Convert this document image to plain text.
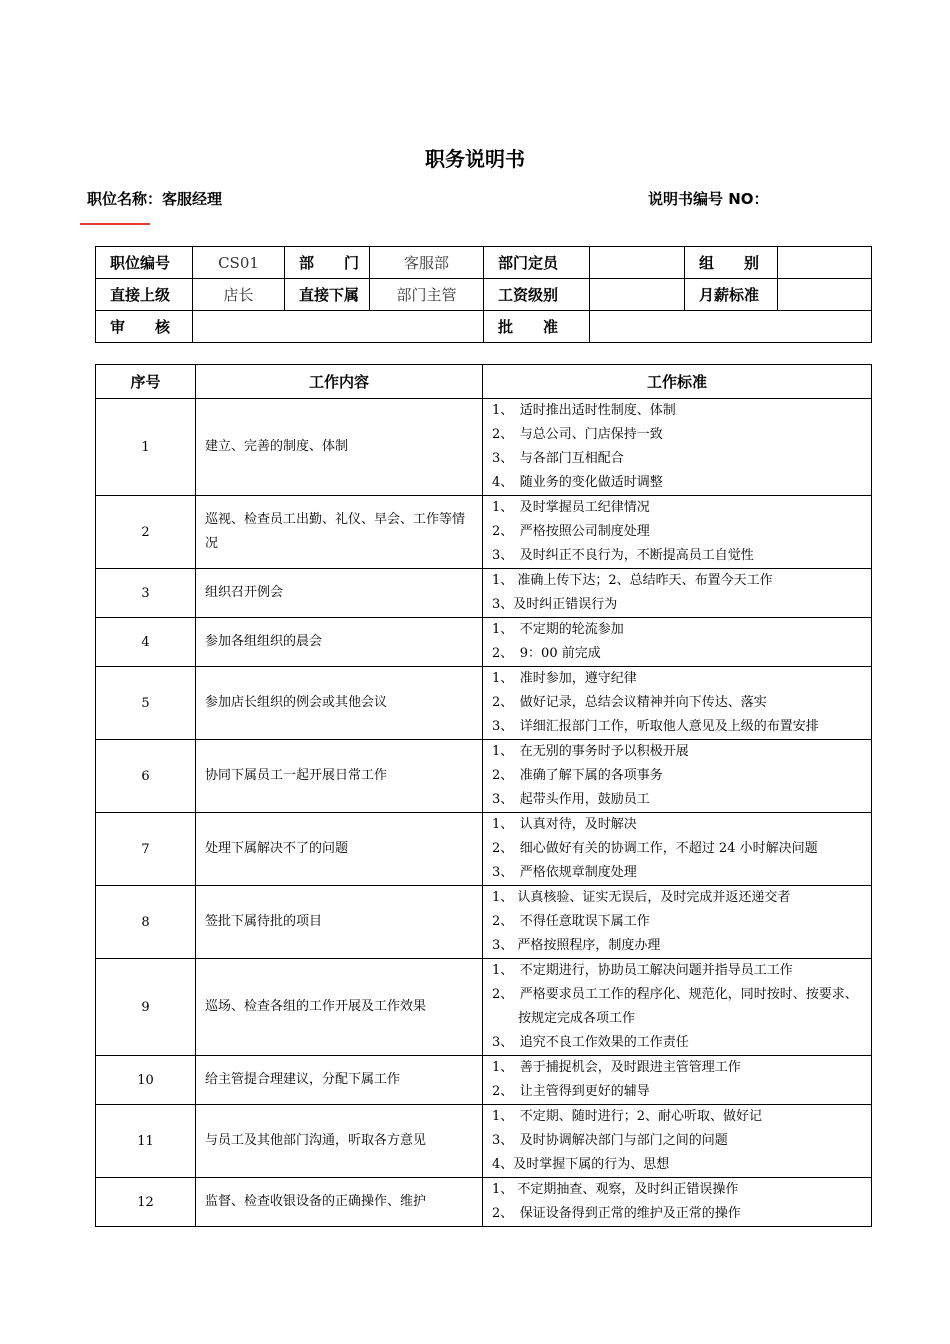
职务说明书
职位名称：客服经理	说明书编号 NO：
职位编号	CS01	部　　门	客服部	部门定员		组　　别	
直接上级	店长	直接下属	部门主管	工资级别		月薪标准	
审　　核				批　　准			
序号	工作内容	工作标准
1	建立、完善的制度、体制	1、　适时推出适时性制度、体制
2、　与总公司、门店保持一致
3、　与各部门互相配合
4、　随业务的变化做适时调整

2	巡视、检查员工出勤、礼仪、早会、工作等情况	1、　及时掌握员工纪律情况
2、　严格按照公司制度处理
3、　及时纠正不良行为，不断提高员工自觉性

3	组织召开例会	1、 准确上传下达；2、总结昨天、布置今天工作
3、及时纠正错误行为

4	参加各组组织的晨会	1、　不定期的轮流参加
2、　9：00 前完成

5	参加店长组织的例会或其他会议	1、　准时参加，遵守纪律
2、　做好记录，总结会议精神并向下传达、落实
3、　详细汇报部门工作，听取他人意见及上级的布置安排

6	协同下属员工一起开展日常工作	1、　在无别的事务时予以积极开展
2、　准确了解下属的各项事务
3、　起带头作用，鼓励员工

7	处理下属解决不了的问题	1、　认真对待，及时解决
2、　细心做好有关的协调工作，不超过 24 小时解决问题
3、　严格依规章制度处理

8	签批下属待批的项目	1、 认真核验、证实无误后，及时完成并返还递交者
2、　不得任意耽误下属工作
3、 严格按照程序，制度办理

9	巡场、检查各组的工作开展及工作效果	1、　不定期进行，协助员工解决问题并指导员工工作
2、　严格要求员工工作的程序化、规范化，同时按时、按要求、按规定完成各项工作
3、　追究不良工作效果的工作责任

10	给主管提合理建议，分配下属工作	1、　善于捕捉机会，及时跟进主管管理工作
2、　让主管得到更好的辅导

11	与员工及其他部门沟通，听取各方意见	1、　不定期、随时进行；2、耐心听取、做好记
3、　及时协调解决部门与部门之间的问题
4、及时掌握下属的行为、思想

12	监督、检查收银设备的正确操作、维护	1、 不定期抽查、观察，及时纠正错误操作
2、　保证设备得到正常的维护及正常的操作
